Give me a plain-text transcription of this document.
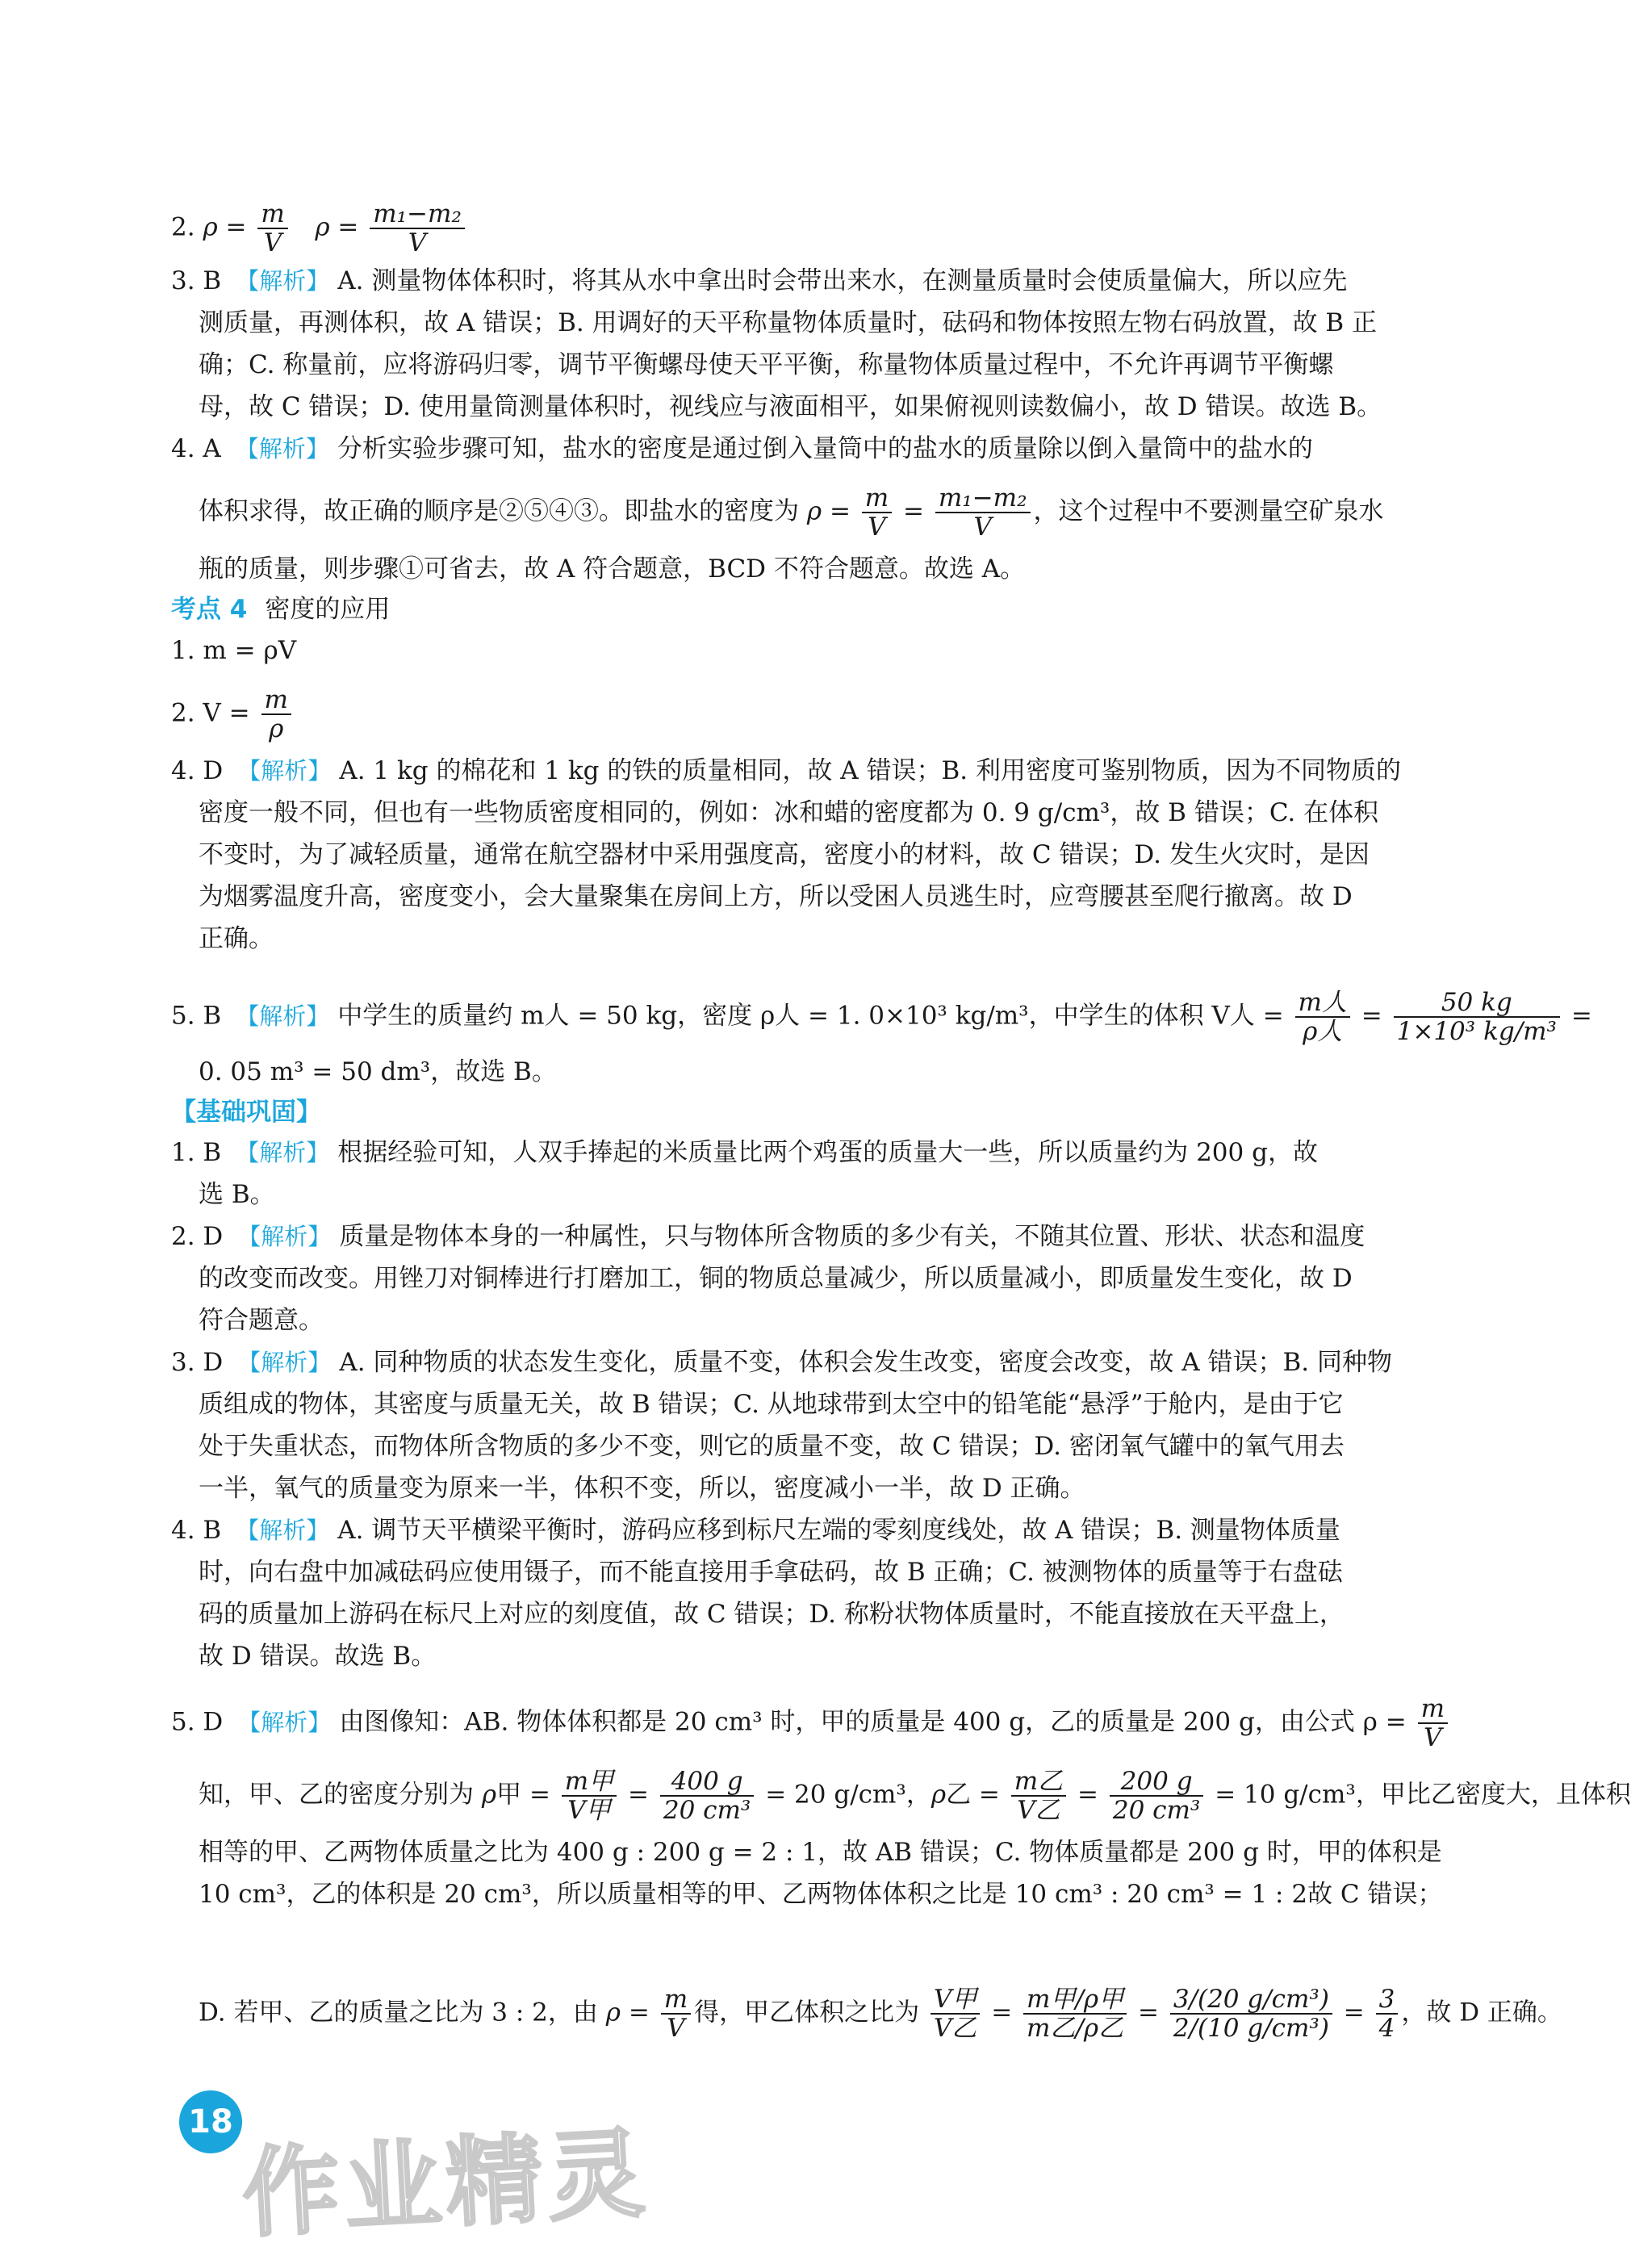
2. $\rho = \frac{m}{V}$ $\rho = \frac{\text{m₁−m₂}}{V}$
3. B 【解析】 A. 测量物体体积时，将其从水中拿出时会带出来水，在测量质量时会使质量偏大，所以应先
测质量，再测体积，故 A 错误；B. 用调好的天平称量物体质量时，砝码和物体按照左物右码放置，故 B 正
确；C. 称量前，应将游码归零，调节平衡螺母使天平平衡，称量物体质量过程中，不允许再调节平衡螺
母，故 C 错误；D. 使用量筒测量体积时，视线应与液面相平，如果俯视则读数偏小，故 D 错误。故选 B。
4. A 【解析】 分析实验步骤可知，盐水的密度是通过倒入量筒中的盐水的质量除以倒入量筒中的盐水的
体积求得，故正确的顺序是②⑤④③。即盐水的密度为 $\rho = \frac{m}{V} = \frac{\text{m₁−m₂}}{V}$ ，这个过程中不要测量空矿泉水
瓶的质量，则步骤①可省去，故 A 符合题意，BCD 不符合题意。故选 A。
考点 4 密度的应用
1. m = ρV
2. $V = \frac{m}{\rho}$
4. D 【解析】 A. 1 kg 的棉花和 1 kg 的铁的质量相同，故 A 错误；B. 利用密度可鉴别物质，因为不同物质的
密度一般不同，但也有一些物质密度相同的，例如：冰和蜡的密度都为 0. 9 g/cm³，故 B 错误；C. 在体积
不变时，为了减轻质量，通常在航空器材中采用强度高，密度小的材料，故 C 错误；D. 发生火灾时，是因
为烟雾温度升高，密度变小，会大量聚集在房间上方，所以受困人员逃生时，应弯腰甚至爬行撤离。故 D
正确。
5. B 【解析】 中学生的质量约 m人 = 50 kg，密度 ρ人 = 1. 0×10³ kg/m³，中学生的体积 V人 = $\frac{\text{m人}}{\text{ρ人}} = \frac{50 kg}{\text{1×10³ kg/m³}}$ =
0. 05 m³ = 50 dm³，故选 B。
【基础巩固】
1. B 【解析】 根据经验可知，人双手捧起的米质量比两个鸡蛋的质量大一些，所以质量约为 200 g，故
选 B。
2. D 【解析】 质量是物体本身的一种属性，只与物体所含物质的多少有关，不随其位置、形状、状态和温度
的改变而改变。用锉刀对铜棒进行打磨加工，铜的物质总量减少，所以质量减小，即质量发生变化，故 D
符合题意。
3. D 【解析】 A. 同种物质的状态发生变化，质量不变，体积会发生改变，密度会改变，故 A 错误；B. 同种物
质组成的物体，其密度与质量无关，故 B 错误；C. 从地球带到太空中的铅笔能“悬浮”于舱内，是由于它
处于失重状态，而物体所含物质的多少不变，则它的质量不变，故 C 错误；D. 密闭氧气罐中的氧气用去
一半，氧气的质量变为原来一半，体积不变，所以，密度减小一半，故 D 正确。
4. B 【解析】 A. 调节天平横梁平衡时，游码应移到标尺左端的零刻度线处，故 A 错误；B. 测量物体质量
时，向右盘中加减砝码应使用镊子，而不能直接用手拿砝码，故 B 正确；C. 被测物体的质量等于右盘砝
码的质量加上游码在标尺上对应的刻度值，故 C 错误；D. 称粉状物体质量时，不能直接放在天平盘上，
故 D 错误。故选 B。
5. D 【解析】 由图像知：AB. 物体体积都是 20 cm³ 时，甲的质量是 400 g，乙的质量是 200 g，由公式 $\rho = \frac{m}{V}$
知，甲、乙的密度分别为 ρ甲 = $\frac{\text{m甲}}{\text{V甲}} = \frac{400 g}{\text{20 cm³}} = 20$ g/cm³，ρ乙 = $\frac{\text{m乙}}{\text{V乙}} = \frac{200 g}{\text{20 cm³}} = 10$ g/cm³，甲比乙密度大，且体积
相等的甲、乙两物体质量之比为 400 g : 200 g = 2 : 1，故 AB 错误；C. 物体质量都是 200 g 时，甲的体积是
10 cm³，乙的体积是 20 cm³，所以质量相等的甲、乙两物体体积之比是 10 cm³ : 20 cm³ = 1 : 2故 C 错误；
D. 若甲、乙的质量之比为 3 : 2，由 $\rho = \frac{m}{V}$ 得，甲乙体积之比为 $\frac{\text{V甲}}{\text{V乙}} = \frac{\text{m甲/ρ甲}}{\text{m乙/ρ乙}} = \frac{\text{3/(20 g/cm³)}}{\text{2/(10 g/cm³)}} = \frac{3}{4}$ ，故 D 正确。
18 作业精灵
